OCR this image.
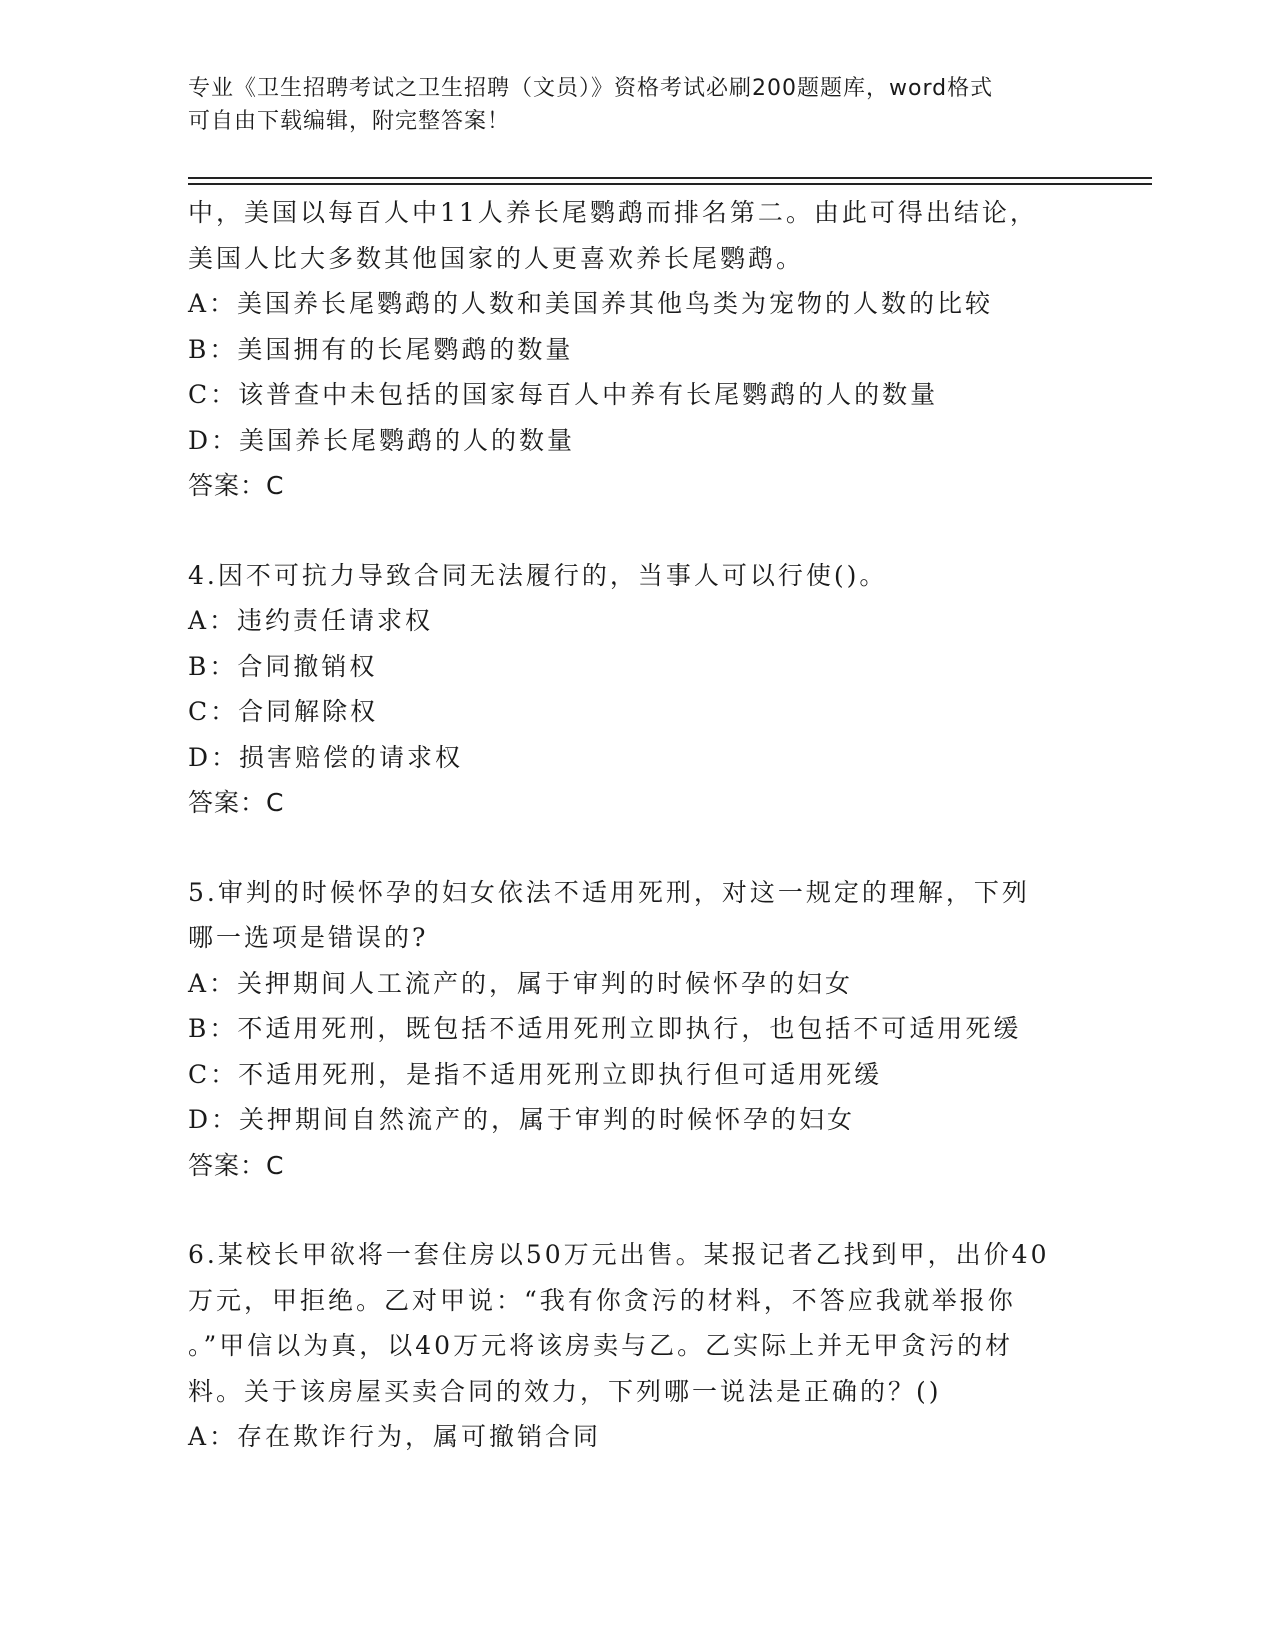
专业《卫生招聘考试之卫生招聘（文员）》资格考试必刷200题题库，word格式
可自由下载编辑，附完整答案！
中，美国以每百人中11人养长尾鹦鹉而排名第二。由此可得出结论，
美国人比大多数其他国家的人更喜欢养长尾鹦鹉。
A：美国养长尾鹦鹉的人数和美国养其他鸟类为宠物的人数的比较
B：美国拥有的长尾鹦鹉的数量
C：该普查中未包括的国家每百人中养有长尾鹦鹉的人的数量
D：美国养长尾鹦鹉的人的数量
答案：C
4.因不可抗力导致合同无法履行的，当事人可以行使()。
A：违约责任请求权
B：合同撤销权
C：合同解除权
D：损害赔偿的请求权
答案：C
5.审判的时候怀孕的妇女依法不适用死刑，对这一规定的理解，下列
哪一选项是错误的?
A：关押期间人工流产的，属于审判的时候怀孕的妇女
B：不适用死刑，既包括不适用死刑立即执行，也包括不可适用死缓
C：不适用死刑，是指不适用死刑立即执行但可适用死缓
D：关押期间自然流产的，属于审判的时候怀孕的妇女
答案：C
6.某校长甲欲将一套住房以50万元出售。某报记者乙找到甲，出价40
万元，甲拒绝。乙对甲说：“我有你贪污的材料，不答应我就举报你
。”甲信以为真，以40万元将该房卖与乙。乙实际上并无甲贪污的材
料。关于该房屋买卖合同的效力，下列哪一说法是正确的？()
A：存在欺诈行为，属可撤销合同
